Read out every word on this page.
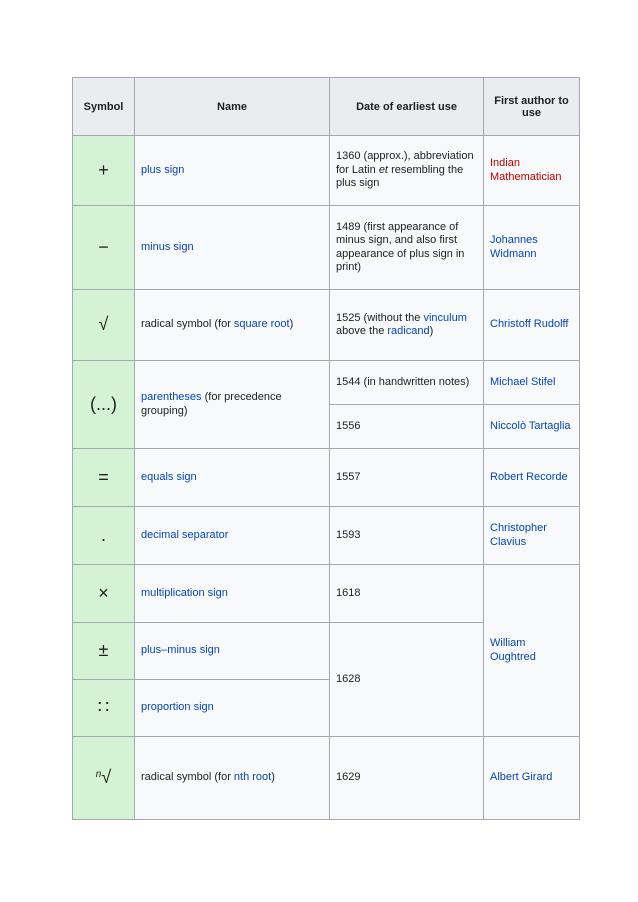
Symbol	Name	Date of earliest use	First author to use
+	plus sign	1360 (approx.), abbreviation for Latin et resembling the plus sign	Indian Mathematician
−	minus sign	1489 (first appearance of minus sign, and also first appearance of plus sign in print)	Johannes Widmann
√	radical symbol (for square root)	1525 (without the vinculum above the radicand)	Christoff Rudolff
(...)	parentheses (for precedence grouping)	1544 (in handwritten notes)	Michael Stifel
		1556	Niccolò Tartaglia
=	equals sign	1557	Robert Recorde
.	decimal separator	1593	Christopher Clavius
×	multiplication sign	1618	William Oughtred
±	plus–minus sign	1628	
∷	proportion sign		
$^n$√	radical symbol (for nth root)	1629	Albert Girard
